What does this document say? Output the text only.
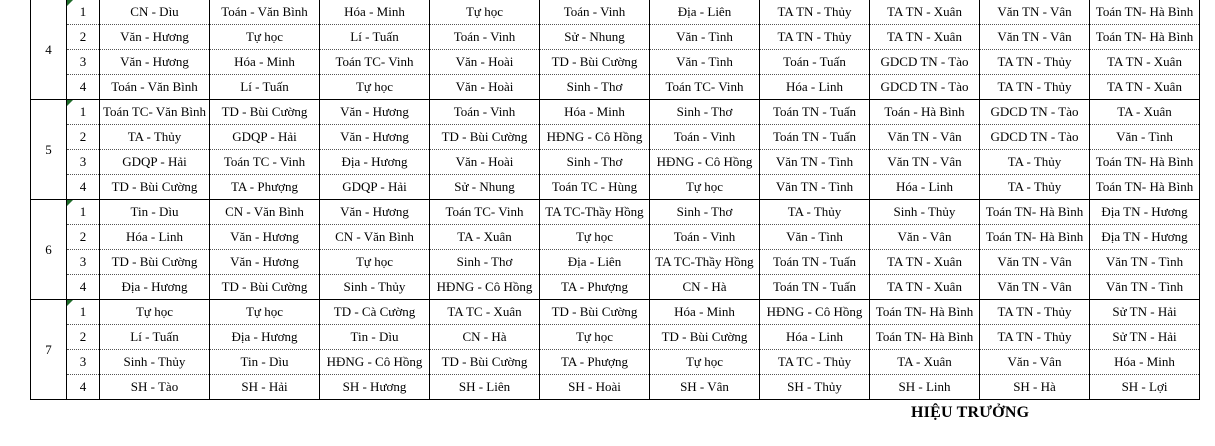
4	1	CN - Dìu	Toán - Văn Bình	Hóa - Minh	Tự học	Toán - Vinh	Địa - Liên	TA TN - Thủy	TA TN - Xuân	Văn TN - Vân	Toán TN- Hà Bình
	2	Văn - Hương	Tự học	Lí - Tuấn	Toán - Vinh	Sử - Nhung	Văn - Tình	TA TN - Thủy	TA TN - Xuân	Văn TN - Vân	Toán TN- Hà Bình
	3	Văn - Hương	Hóa - Minh	Toán TC- Vinh	Văn - Hoài	TD - Bùi Cường	Văn - Tình	Toán - Tuấn	GDCD TN - Tào	TA TN - Thủy	TA TN - Xuân
	4	Toán - Văn Bình	Lí - Tuấn	Tự học	Văn - Hoài	Sinh - Thơ	Toán TC- Vinh	Hóa - Linh	GDCD TN - Tào	TA TN - Thủy	TA TN - Xuân
5	1	Toán TC- Văn Bình	TD - Bùi Cường	Văn - Hương	Toán - Vinh	Hóa - Minh	Sinh - Thơ	Toán TN - Tuấn	Toán - Hà Bình	GDCD TN - Tào	TA - Xuân
	2	TA - Thủy	GDQP - Hải	Văn - Hương	TD - Bùi Cường	HĐNG - Cô Hồng	Toán - Vinh	Toán TN - Tuấn	Văn TN - Vân	GDCD TN - Tào	Văn - Tình
	3	GDQP - Hải	Toán TC - Vinh	Địa - Hương	Văn - Hoài	Sinh - Thơ	HĐNG - Cô Hồng	Văn TN - Tình	Văn TN - Vân	TA - Thủy	Toán TN- Hà Bình
	4	TD - Bùi Cường	TA - Phượng	GDQP - Hải	Sử - Nhung	Toán TC - Hùng	Tự học	Văn TN - Tình	Hóa - Linh	TA - Thủy	Toán TN- Hà Bình
6	1	Tin - Dìu	CN - Văn Bình	Văn - Hương	Toán TC- Vinh	TA TC-Thầy Hồng	Sinh - Thơ	TA - Thủy	Sinh - Thủy	Toán TN- Hà Bình	Địa TN - Hương
	2	Hóa - Linh	Văn - Hương	CN - Văn Bình	TA - Xuân	Tự học	Toán - Vinh	Văn - Tình	Văn - Vân	Toán TN- Hà Bình	Địa TN - Hương
	3	TD - Bùi Cường	Văn - Hương	Tự học	Sinh - Thơ	Địa - Liên	TA TC-Thầy Hồng	Toán TN - Tuấn	TA TN - Xuân	Văn TN - Vân	Văn TN - Tình
	4	Địa - Hương	TD - Bùi Cường	Sinh - Thủy	HĐNG - Cô Hồng	TA - Phượng	CN - Hà	Toán TN - Tuấn	TA TN - Xuân	Văn TN - Vân	Văn TN - Tình
7	1	Tự học	Tự học	TD - Cà Cường	TA TC - Xuân	TD - Bùi Cường	Hóa - Minh	HĐNG - Cô Hồng	Toán TN- Hà Bình	TA TN - Thủy	Sử TN - Hải
	2	Lí - Tuấn	Địa - Hương	Tin - Dìu	CN - Hà	Tự học	TD - Bùi Cường	Hóa - Linh	Toán TN- Hà Bình	TA TN - Thủy	Sử TN - Hải
	3	Sinh - Thủy	Tin - Dìu	HĐNG - Cô Hồng	TD - Bùi Cường	TA - Phượng	Tự học	TA TC - Thủy	TA - Xuân	Văn - Vân	Hóa - Minh
	4	SH - Tào	SH - Hải	SH - Hương	SH - Liên	SH - Hoài	SH - Vân	SH - Thủy	SH - Linh	SH - Hà	SH - Lợi
HIỆU TRƯỞNG
